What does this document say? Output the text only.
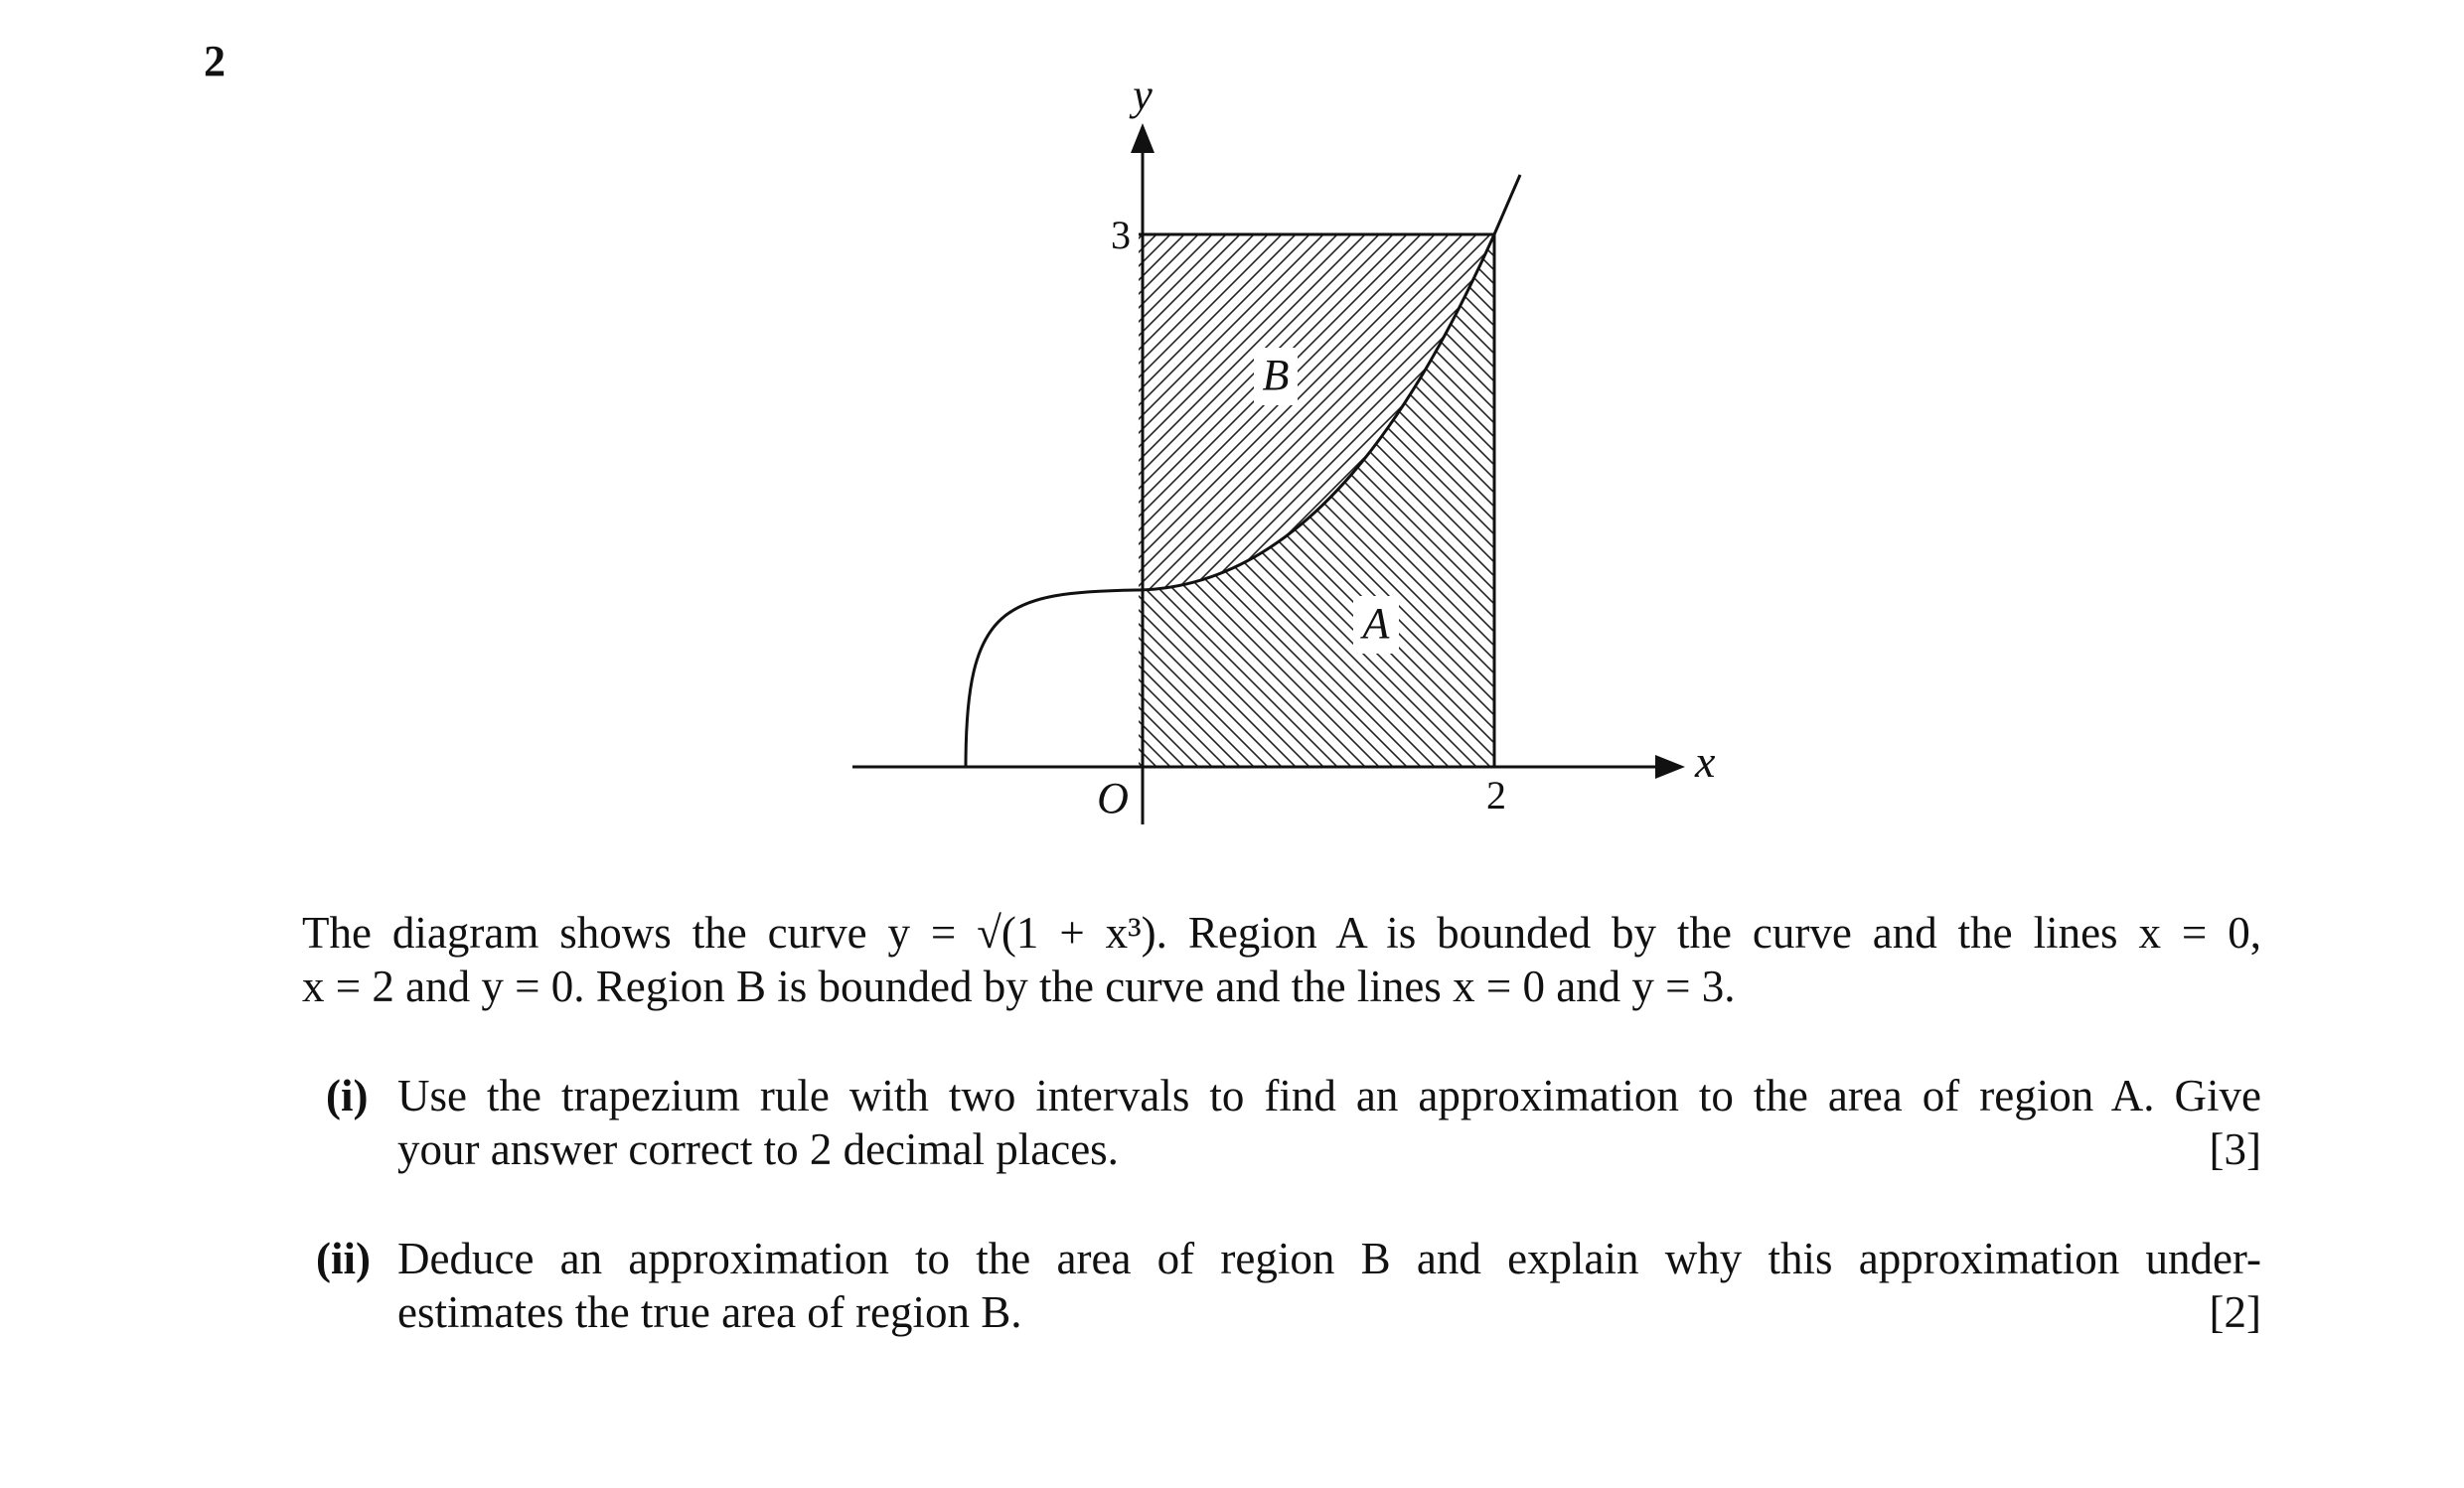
2
y
x
O	2
3
B
A
The diagram shows the curve y = √(1 + x³). Region A is bounded by the curve and the lines x = 0,
x = 2 and y = 0. Region B is bounded by the curve and the lines x = 0 and y = 3.
(i) Use the trapezium rule with two intervals to find an approximation to the area of region A. Give
your answer correct to 2 decimal places.	[3]
(ii) Deduce an approximation to the area of region B and explain why this approximation under-
estimates the true area of region B.	[2]
